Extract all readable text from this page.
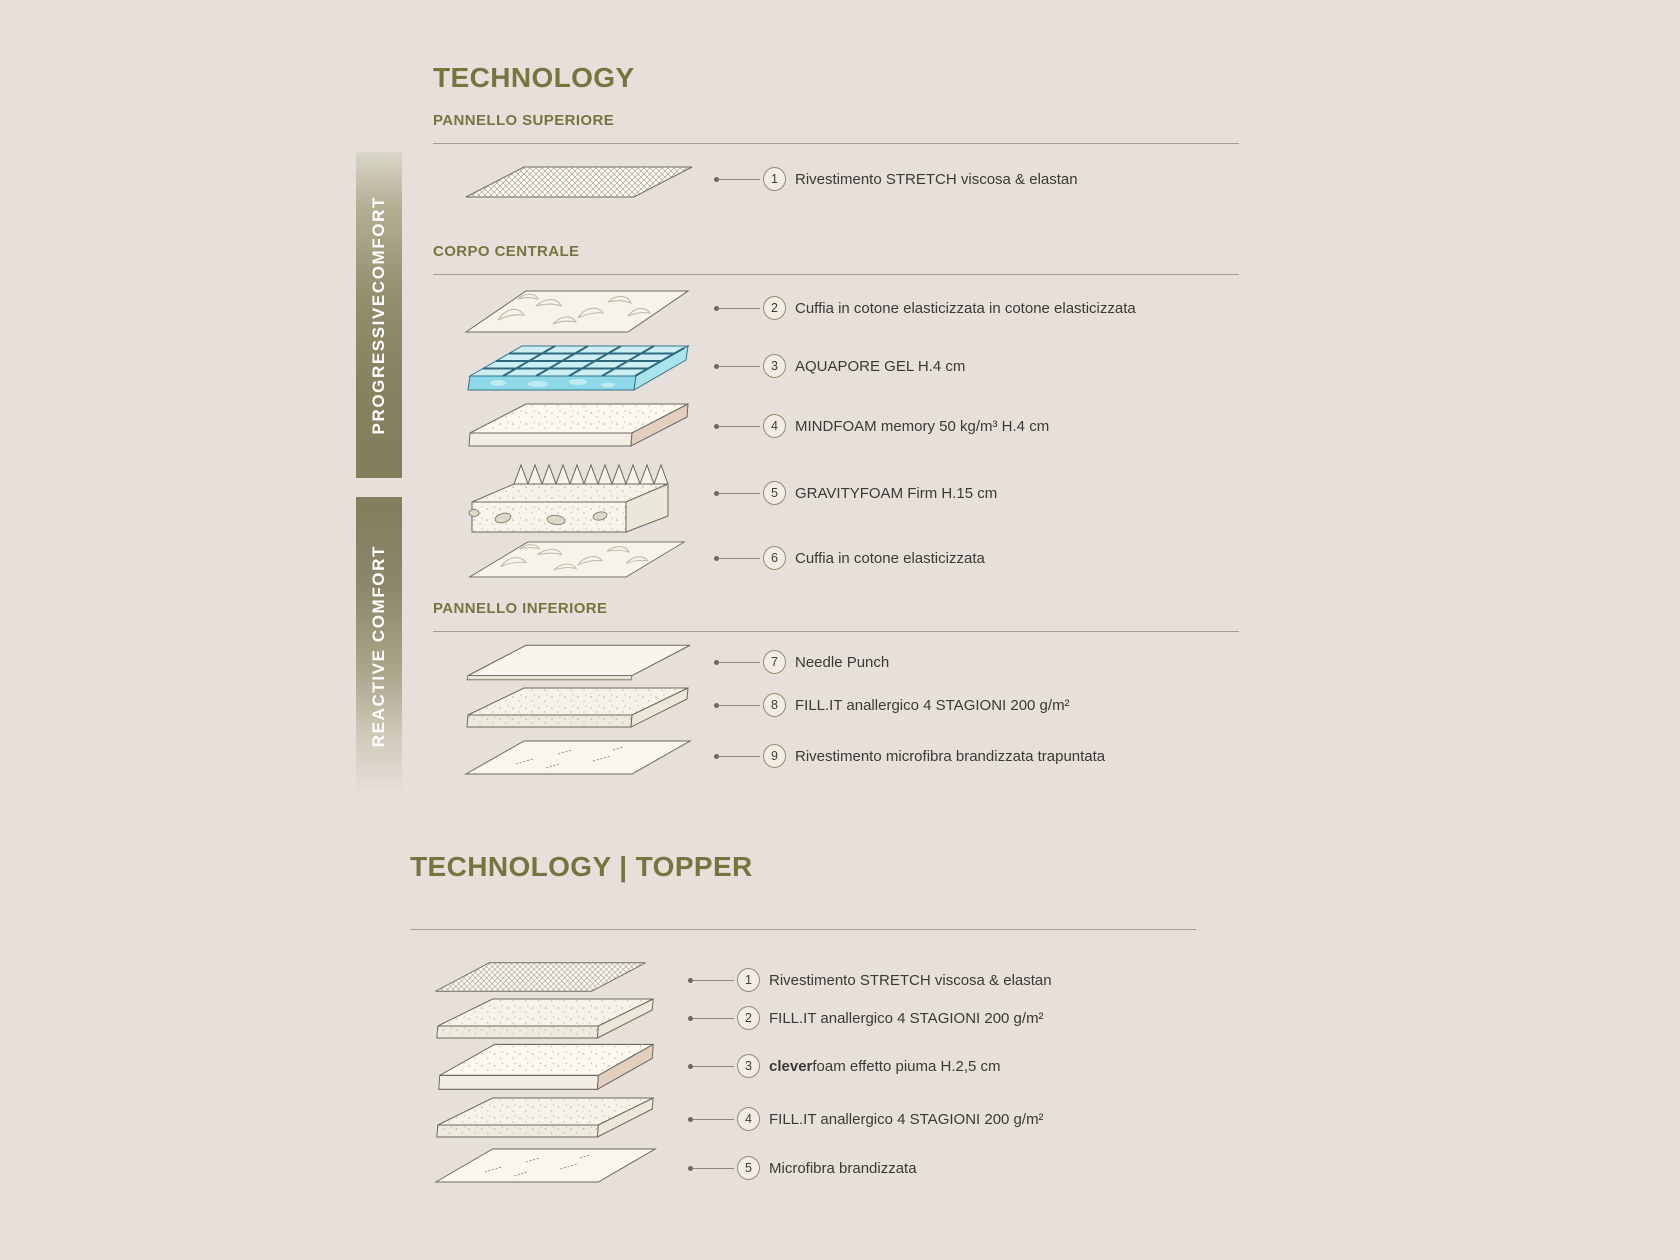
PROGRESSIVECOMFORT
REACTIVE COMFORT
TECHNOLOGY
PANNELLO SUPERIORE
1	Rivestimento STRETCH viscosa & elastan
CORPO CENTRALE
2	Cuffia in cotone elasticizzata in cotone elasticizzata
3	AQUAPORE GEL H.4 cm
4	MINDFOAM memory 50 kg/m³ H.4 cm
5	GRAVITYFOAM Firm H.15 cm
6	Cuffia in cotone elasticizzata
PANNELLO INFERIORE
7	Needle Punch
8	FILL.IT anallergico 4 STAGIONI 200 g/m²
9	Rivestimento microfibra brandizzata trapuntata
TECHNOLOGY | TOPPER
1	Rivestimento STRETCH viscosa & elastan
2	FILL.IT anallergico 4 STAGIONI 200 g/m²
3	cleverfoam effetto piuma H.2,5 cm
4	FILL.IT anallergico 4 STAGIONI 200 g/m²
5	Microfibra brandizzata
